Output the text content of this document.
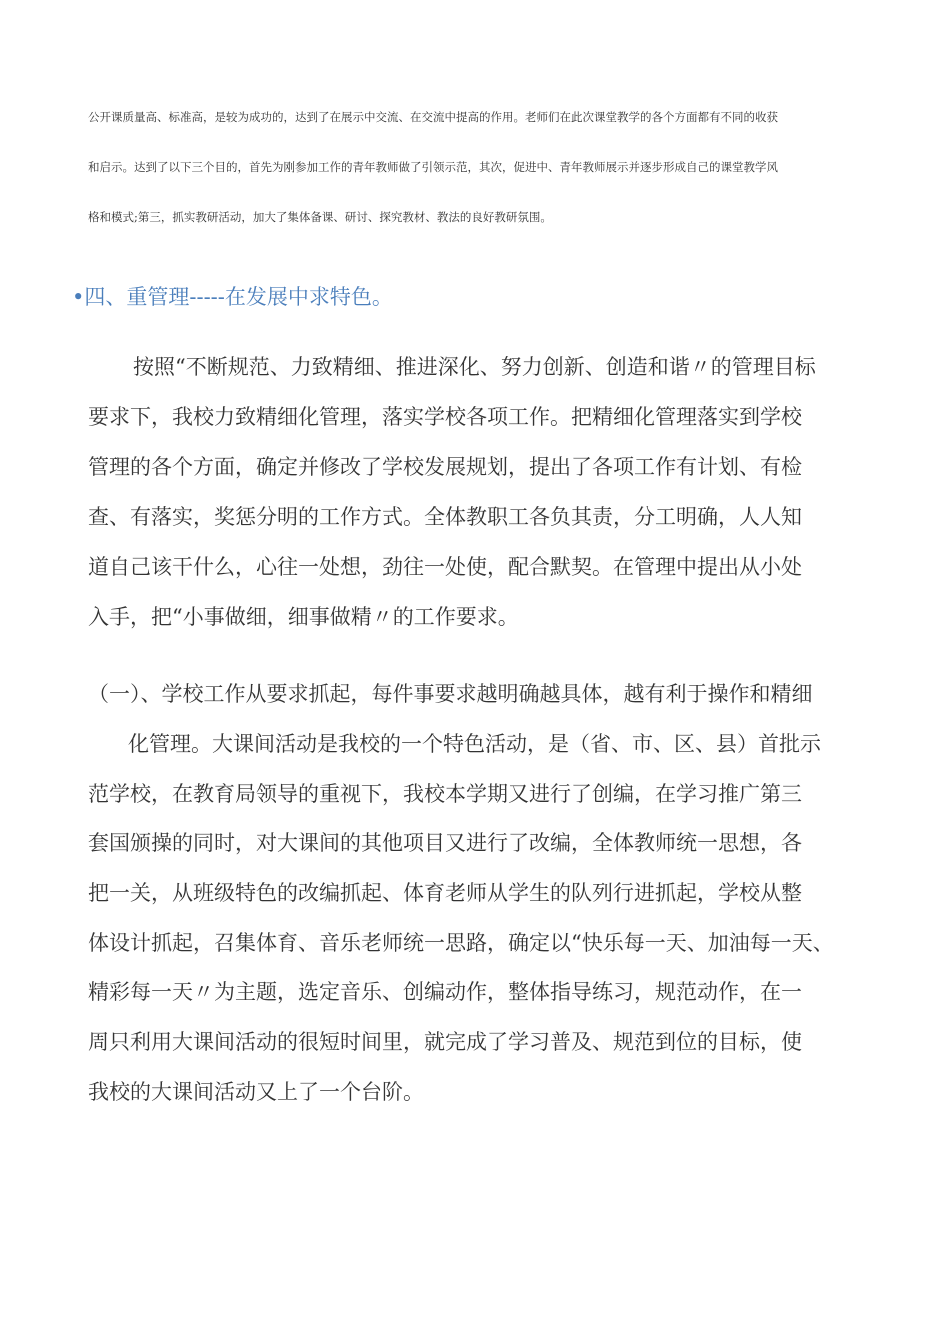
公开课质量高、标准高，是较为成功的，达到了在展示中交流、在交流中提高的作用。老师们在此次课堂教学的各个方面都有不同的收获
和启示。达到了以下三个目的，首先为刚参加工作的青年教师做了引领示范，其次，促进中、青年教师展示并逐步形成自己的课堂教学风
格和模式;第三，抓实教研活动，加大了集体备课、研讨、探究教材、教法的良好教研氛围。
•四、重管理-----在发展中求特色。
按照“不断规范、力致精细、推进深化、努力创新、创造和谐〃的管理目标
要求下，我校力致精细化管理，落实学校各项工作。把精细化管理落实到学校
管理的各个方面，确定并修改了学校发展规划，提出了各项工作有计划、有检
查、有落实，奖惩分明的工作方式。全体教职工各负其责，分工明确，人人知
道自己该干什么，心往一处想，劲往一处使，配合默契。在管理中提出从小处
入手，把“小事做细，细事做精〃的工作要求。
（一）、学校工作从要求抓起，每件事要求越明确越具体，越有利于操作和精细
化管理。大课间活动是我校的一个特色活动，是（省、市、区、县）首批示
范学校，在教育局领导的重视下，我校本学期又进行了创编，在学习推广第三
套国颁操的同时，对大课间的其他项目又进行了改编，全体教师统一思想，各
把一关，从班级特色的改编抓起、体育老师从学生的队列行进抓起，学校从整
体设计抓起，召集体育、音乐老师统一思路，确定以“快乐每一天、加油每一天、
精彩每一天〃为主题，选定音乐、创编动作，整体指导练习，规范动作，在一
周只利用大课间活动的很短时间里，就完成了学习普及、规范到位的目标，使
我校的大课间活动又上了一个台阶。
